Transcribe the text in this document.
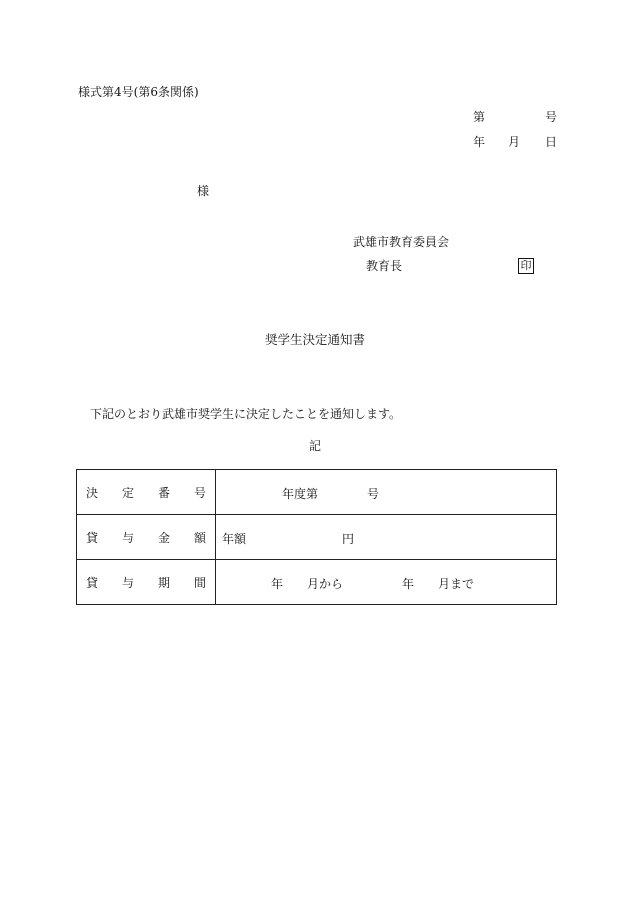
様式第4号(第6条関係)
第	号
年 月 日
様
武雄市教育委員会
教育長	印
奨学生決定通知書
下記のとおり武雄市奨学生に決定したことを通知します。
記
決 定 番 号	年度第 号

貸 与 金 額	年額 円

貸 与 期 間	年 月から 年 月まで
